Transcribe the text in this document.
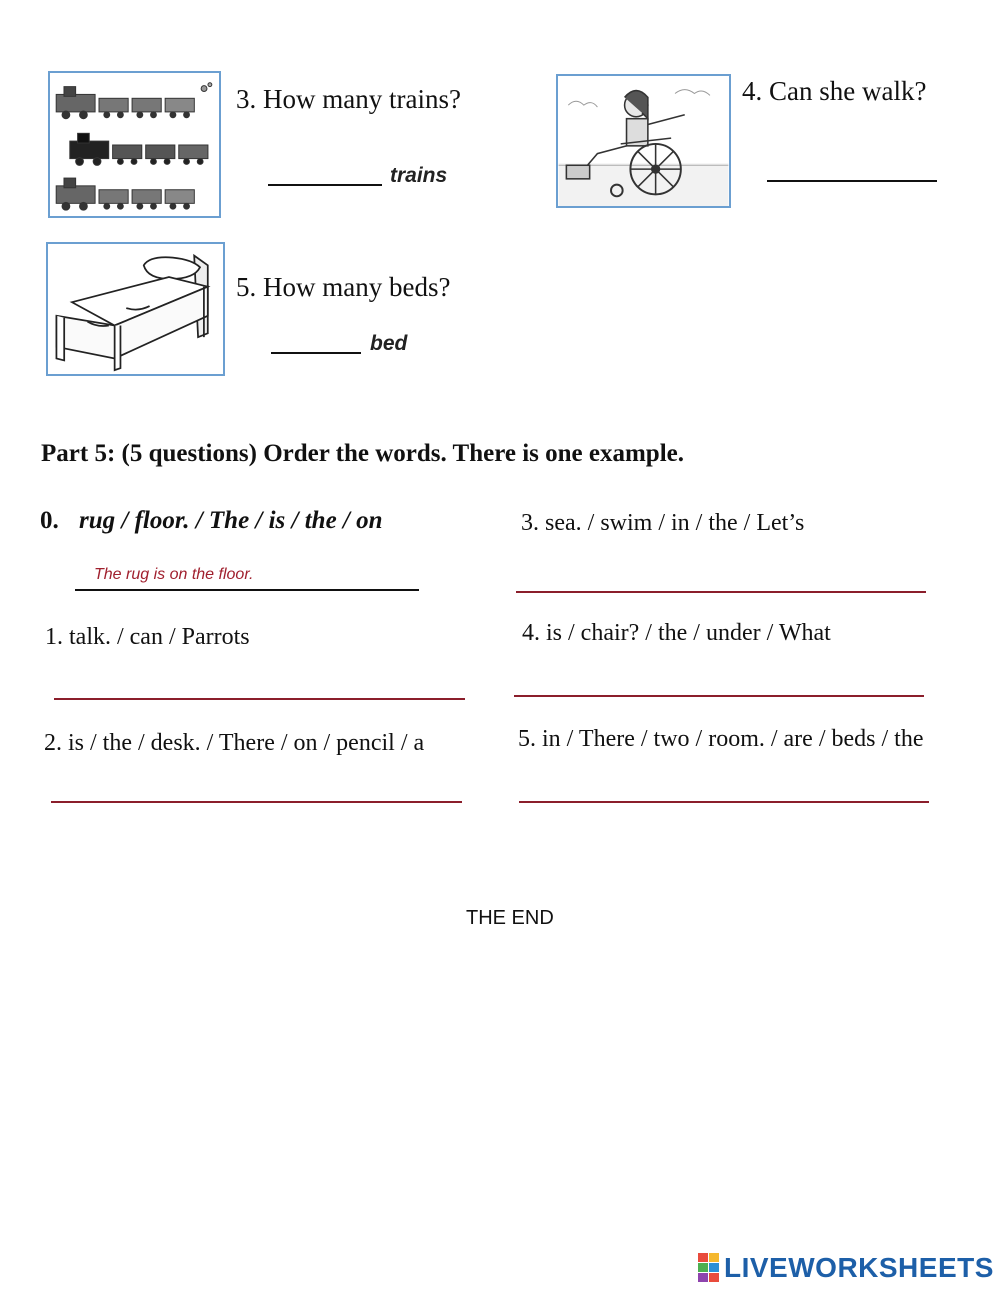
3. How many trains?
trains
4. Can she walk?
5. How many beds?
bed
Part 5: (5 questions) Order the words. There is one example.
0. rug / floor. / The / is / the / on
The rug is on the floor.
1. talk. / can / Parrots
2. is / the / desk. / There / on / pencil / a
3. sea. / swim / in / the / Let’s
4. is / chair? / the / under / What
5. in / There / two / room. / are / beds / the
THE END
LIVEWORKSHEETS
